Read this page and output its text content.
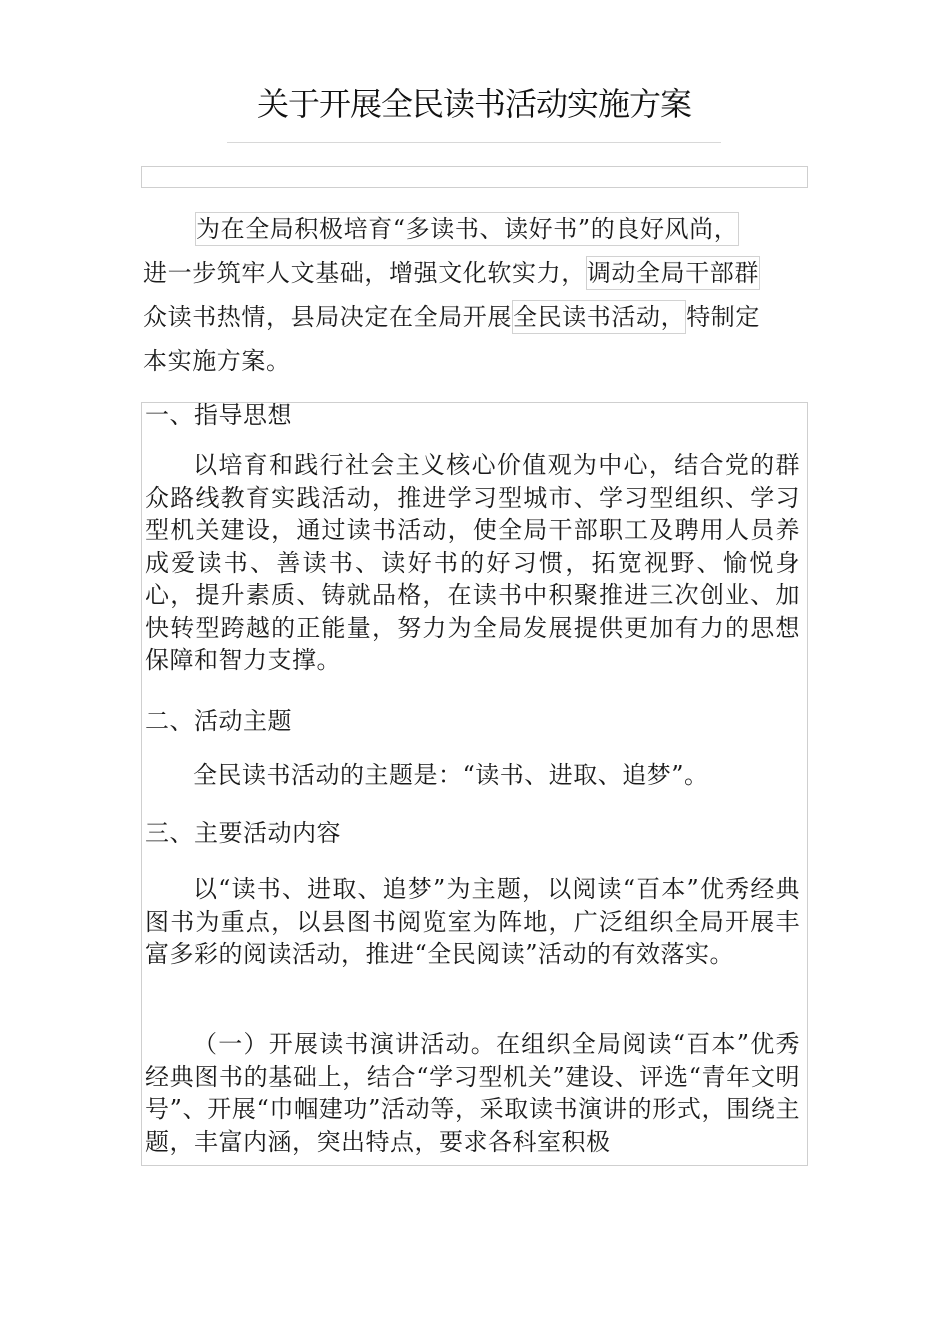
关于开展全民读书活动实施方案
为在全局积极培育“多读书、读好书”的良好风尚，
进一步筑牢人文基础，增强文化软实力，调动全局干部群
众读书热情，县局决定在全局开展全民读书活动，特制定
本实施方案。
一、指导思想
以培育和践行社会主义核心价值观为中心，结合党的群众路线教育实践活动，推进学习型城市、学习型组织、学习型机关建设，通过读书活动，使全局干部职工及聘用人员养成爱读书、善读书、读好书的好习惯，拓宽视野、愉悦身心，提升素质、铸就品格，在读书中积聚推进三次创业、加快转型跨越的正能量，努力为全局发展提供更加有力的思想保障和智力支撑。
二、活动主题
全民读书活动的主题是：“读书、进取、追梦”。
三、主要活动内容
以“读书、进取、追梦”为主题，以阅读“百本”优秀经典图书为重点，以县图书阅览室为阵地，广泛组织全局开展丰富多彩的阅读活动，推进“全民阅读”活动的有效落实。
（一）开展读书演讲活动。在组织全局阅读“百本”优秀经典图书的基础上，结合“学习型机关”建设、评选“青年文明号”、开展“巾帼建功”活动等，采取读书演讲的形式，围绕主题，丰富内涵，突出特点，要求各科室积极
